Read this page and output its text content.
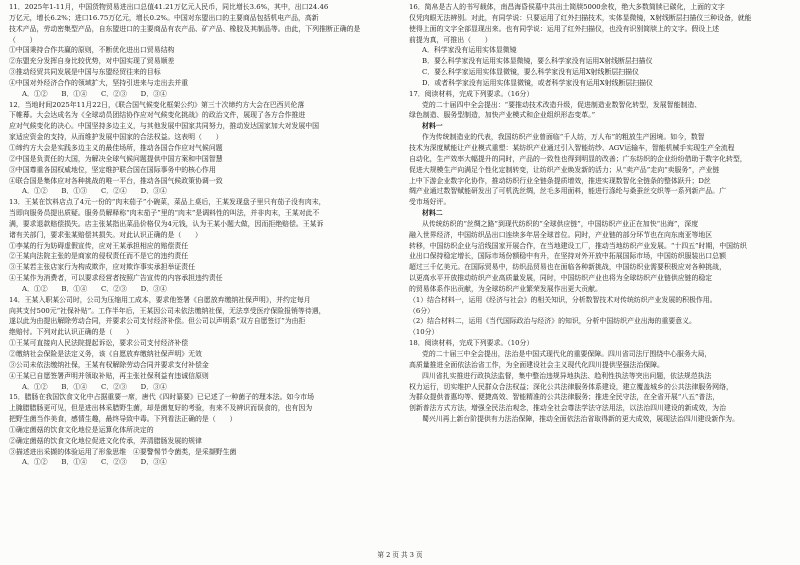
11．2025年1-11月，中国货物贸易进出口总值41.21万亿元人民币，同比增长3.6%，其中，出口24.46

万亿元，增长6.2%；进口16.75万亿元，增长0.2%。中国对东盟出口的主要商品包括机电产品，高新

技术产品，劳动密集型产品，自东盟进口的主要商品有农产品、矿产品、橡胶及其制品等。由此，下列推断正确的是

（　　）

①中国秉持合作共赢的原则，不断优化进出口贸易结构

②东盟充分发挥自身比较优势，对中国实现了贸易顺差

③推动经贸共同发展是中国与东盟经贸往来的目标

④中国对外经济合作的领域扩大，坚持引进来与走出去并重

A．①②　　B．①④　　C．②③　　D．③④

12．当地时间2025年11月22日，《联合国气候变化框架公约》第三十次缔约方大会在巴西贝伦落

下帷幕。大会达成名为《全球动员团结协作应对气候变化挑战》的政治文件，展现了各方合作推进

应对气候变化的决心。中国坚持多边主义，与其他发展中国家共同努力，推动发达国家加大对发展中国

家适应资金的支持，从而维护发展中国家的合法权益。这表明（　　）

①缔约方大会是实践多边主义的最佳场所，推动各国合作应对气候问题

②中国是负责任的大国，为解决全球气候问题提供中国方案和中国智慧

③中国尊重各国权威地位，坚定维护联合国在国际事务中的核心作用

④联合国是集体应对各种挑战的唯一平台，推动各国气候政策协调一致

A．①②　　B．①③　　C．②④　　D．③④

13．王某在饮料店点了4元一份的“肉末茄子”小碗菜，菜品上桌后，王某发现盘子里只有茄子没有肉末，

当即向服务员提出质疑。服务员解释称“肉末茄子”里的“肉末”是调料性的叫法，并非肉末，王某对此不

满，要求退款赔偿损失。店主张某指出菜品价格仅为4元钱，认为王某小题大做，因而拒绝赔偿。王某诉

诸有关部门，要求张某赔偿其损失。对此认识正确的是（　　）

①李某的行为妨碍虚假宣传，应对王某承担相应的赔偿责任

②王某向法院主张的是商家的侵权责任而不是它的违约责任

③王某若主张店家行为构成欺诈，应对欺诈事实承担举证责任

④王某作为消费者，可以要求经营者按照广告宣传的内容承担违约责任

A．①②　　B．①④　　C．②③　　D．③④

14．王某入职某公司时，公司为压缩用工成本，要求他签署《自愿放弃缴纳社保声明》，并约定每月

向其支付500元“社保补贴”。工作半年后，王某因公司未依法缴纳社保，无法享受医疗保险报销等待遇，

遂以此为由提出解除劳动合同，并要求公司支付经济补偿。但公司以声明系“双方自愿签订”为由拒

绝赔付。下列对此认识正确的是（　　）

①王某可直接向人民法院提起诉讼，要求公司支付经济补偿

②缴纳社会保险是法定义务，该《自愿放弃缴纳社保声明》无效

③公司未依法缴纳社保，王某有权解除劳动合同并要求支付补偿金

④王某已自愿签署声明并领取补贴，再主张社保利益有违诚信原则

A．①②　　B．①④　　C．②③　　D．③④

15．腊肠在我国饮食文化中占据重要一席，唐代《四时纂要》已记述了一种菌子的理本法。如今市场

上腌腊腊肠更可见，但是进出林采腊野生菌，却是菌复好的考验，有来不及辨识而误食的，也有因为

把野生菌当作美食，感情生趣，最终导致中毒。下列看法正确的是（　　）

①确定菌菇的饮食文化地位是运算化体所决定的

②确定菌菇的饮食文化地位促进文化传承，弄清腊肠发展的规律

③描述进出采撷的体验运用了形象思维　④要警惕节令菌类，是采撷野生菌

A．①②　　B．①④　　C．②③　　D．③④

16．简帛是古人的书写载体，南昌海昏侯墓中共出土简牍5000余枚，绝大多数简牍已碳化，上面的文字

仅凭肉眼无法辨别。对此，有同学说：只要运用了红外扫描技术，实体显微镜，X射线断层扫描仪三种设备，就能

使得上面的文字全部显现出来。也有同学说：运用了红外扫描仪，也没有识别简牍上的文字。假设上述

前提为真，可推出（　　）

A．科学家没有运用实体显微镜

B．要么科学家没有运用实体显微镜，要么科学家没有运用X射线断层扫描仪

C．要么科学家运用实体显微镜，要么科学家没有运用X射线断层扫描仪

D．或者科学家没有运用实体显微镜，或者科学家没有运用X射线断层扫描仪

17．阅读材料，完成下列要求。（16分）

党的二十届四中全会提出：“要推动技术改造升级，促进制造业数智化转型，发展智能制造、

绿色制造、服务型制造，加快产业模式和企业组织形态变革。”

材料一

作为传统制造业的代表，我国纺织产业曾面临“千人纺，万人布”的粗放生产困境。如今，数智

技术为深度赋能让产业模式重塑：某纺织产业通过引入智能纺纱、AGV运输车，智能机械手实现生产全流程

自动化，生产效率大幅提升的同时，产品的一致性也得到明显的改善；广东纺织的企业纷纷借助于数字化转型，

促进大规模生产向满足个性化定制转变，让纺织产业焕发新的活力；从“卖产品”走向“卖服务”，产业链

上中下游企业数字化协作，推动纺织行业全链条提质增效，推进实现数智化全链条的整体跃升；D丝

绸产业通过数智赋能研发出了可机洗丝绸，丝毛多用面料，能进行涤纶与桑蚕丝交织等一系列新产品。广

受市场好评。

材料二

从传统纺织的“丝绸之路”到现代纺织的“全球供应链”，中国纺织产业正在加快“出海”，深度

融入世界经济，中国纺织品出口连续多年居全球首位。同时，产业链的部分环节也在向东南亚等地区

转移，中国纺织企业与沿线国家开展合作，在当地建设工厂，推动当地纺织产业发展。“十四五”时期，中国纺织

业出口保持稳定增长，国际市场份额稳中有升，在坚持对外开放中拓展国际市场，中国纺织服装出口总额

超过三千亿美元。在国际贸易中，纺织品贸易也在面临各种新挑战，中国纺织业需要积极应对各种挑战，

以更高水平开放推动纺织产业高质量发展，同时，中国纺织产业也将为全球纺织产业链供应链的稳定

的贸易体系作出贡献，为全球纺织产业繁荣发展作出更大贡献。

（1）结合材料一，运用《经济与社会》的相关知识，分析数智技术对传统纺织产业发展的积极作用。

（6分）

（2）结合材料二，运用《当代国际政治与经济》的知识，分析中国纺织产业出海的重要意义。

（10分）

18．阅读材料，完成下列要求。（10分）

党的二十届三中全会提出，法治是中国式现代化的重要保障。四川省司法厅围绕中心服务大局，

高质量推进全面依法治省工作，为全面建设社会主义现代化四川提供坚强法治保障。

四川省扎实推进行政执法监督，集中整治违规异地执法、趋利性执法等突出问题，依法规范执法

权力运行，切实维护人民群众合法权益；深化公共法律服务体系建设，建立覆盖城乡的公共法律服务网络，

为群众提供普惠均等、便捷高效、智能精准的公共法律服务；推进全民守法，在全省开展“八五”普法，

创新普法方式方法，增强全民法治观念，推动全社会尊法学法守法用法，以法治四川建设的新成效，为治

蜀兴川再上新台阶提供有力法治保障，推动全面依法治省取得新的更大成效，展现法治四川建设新作为。

第 2 页 共 3 页
